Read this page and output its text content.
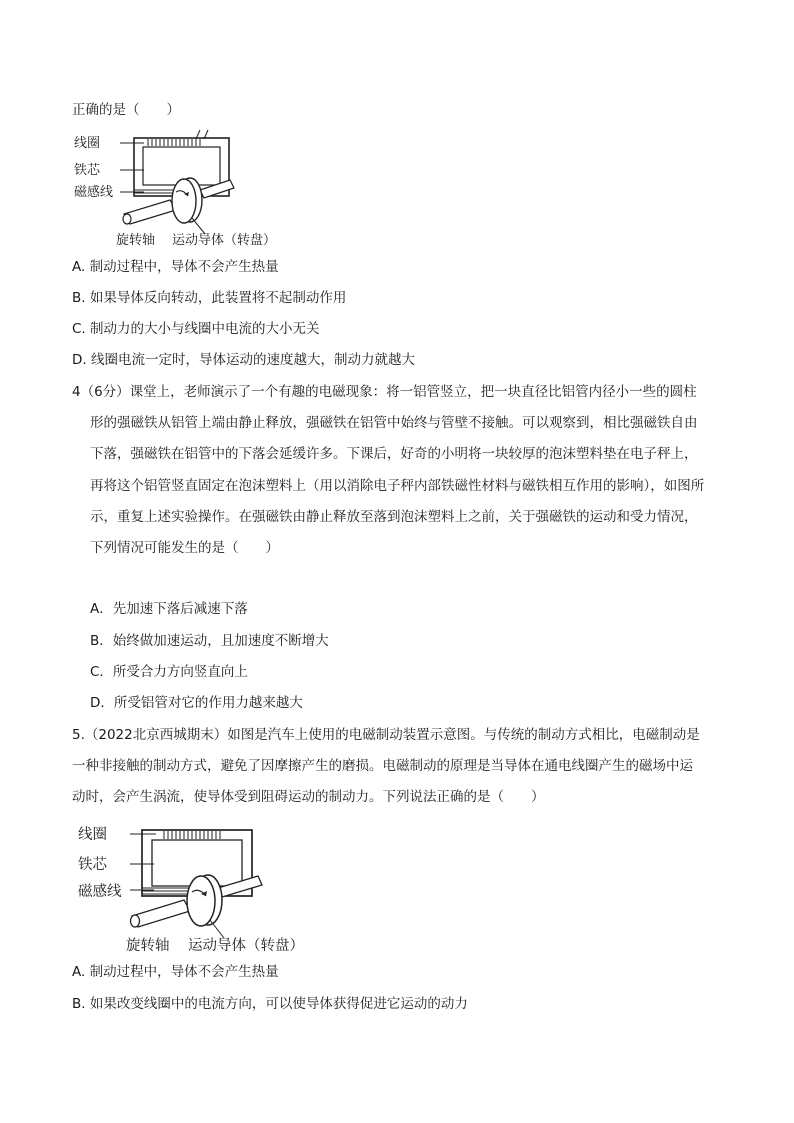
正确的是（　　）
线圈
铁芯
磁感线
旋转轴 运动导体（转盘）
A. 制动过程中，导体不会产生热量
B. 如果导体反向转动，此装置将不起制动作用
C. 制动力的大小与线圈中电流的大小无关
D. 线圈电流一定时，导体运动的速度越大，制动力就越大
4（6分）课堂上，老师演示了一个有趣的电磁现象：将一铝管竖立，把一块直径比铝管内径小一些的圆柱
形的强磁铁从铝管上端由静止释放，强磁铁在铝管中始终与管壁不接触。可以观察到，相比强磁铁自由
下落，强磁铁在铝管中的下落会延缓许多。下课后，好奇的小明将一块较厚的泡沫塑料垫在电子秤上，
再将这个铝管竖直固定在泡沫塑料上（用以消除电子秤内部铁磁性材料与磁铁相互作用的影响），如图所
示，重复上述实验操作。在强磁铁由静止释放至落到泡沫塑料上之前，关于强磁铁的运动和受力情况，
下列情况可能发生的是（　　）
A．先加速下落后减速下落
B．始终做加速运动，且加速度不断增大
C．所受合力方向竖直向上
D．所受铝管对它的作用力越来越大
5.（2022北京西城期末）如图是汽车上使用的电磁制动装置示意图。与传统的制动方式相比，电磁制动是
一种非接触的制动方式，避免了因摩擦产生的磨损。电磁制动的原理是当导体在通电线圈产生的磁场中运
动时，会产生涡流，使导体受到阻碍运动的制动力。下列说法正确的是（　　）
线圈
铁芯
磁感线
旋转轴 运动导体（转盘）
A. 制动过程中，导体不会产生热量
B. 如果改变线圈中的电流方向，可以使导体获得促进它运动的动力
